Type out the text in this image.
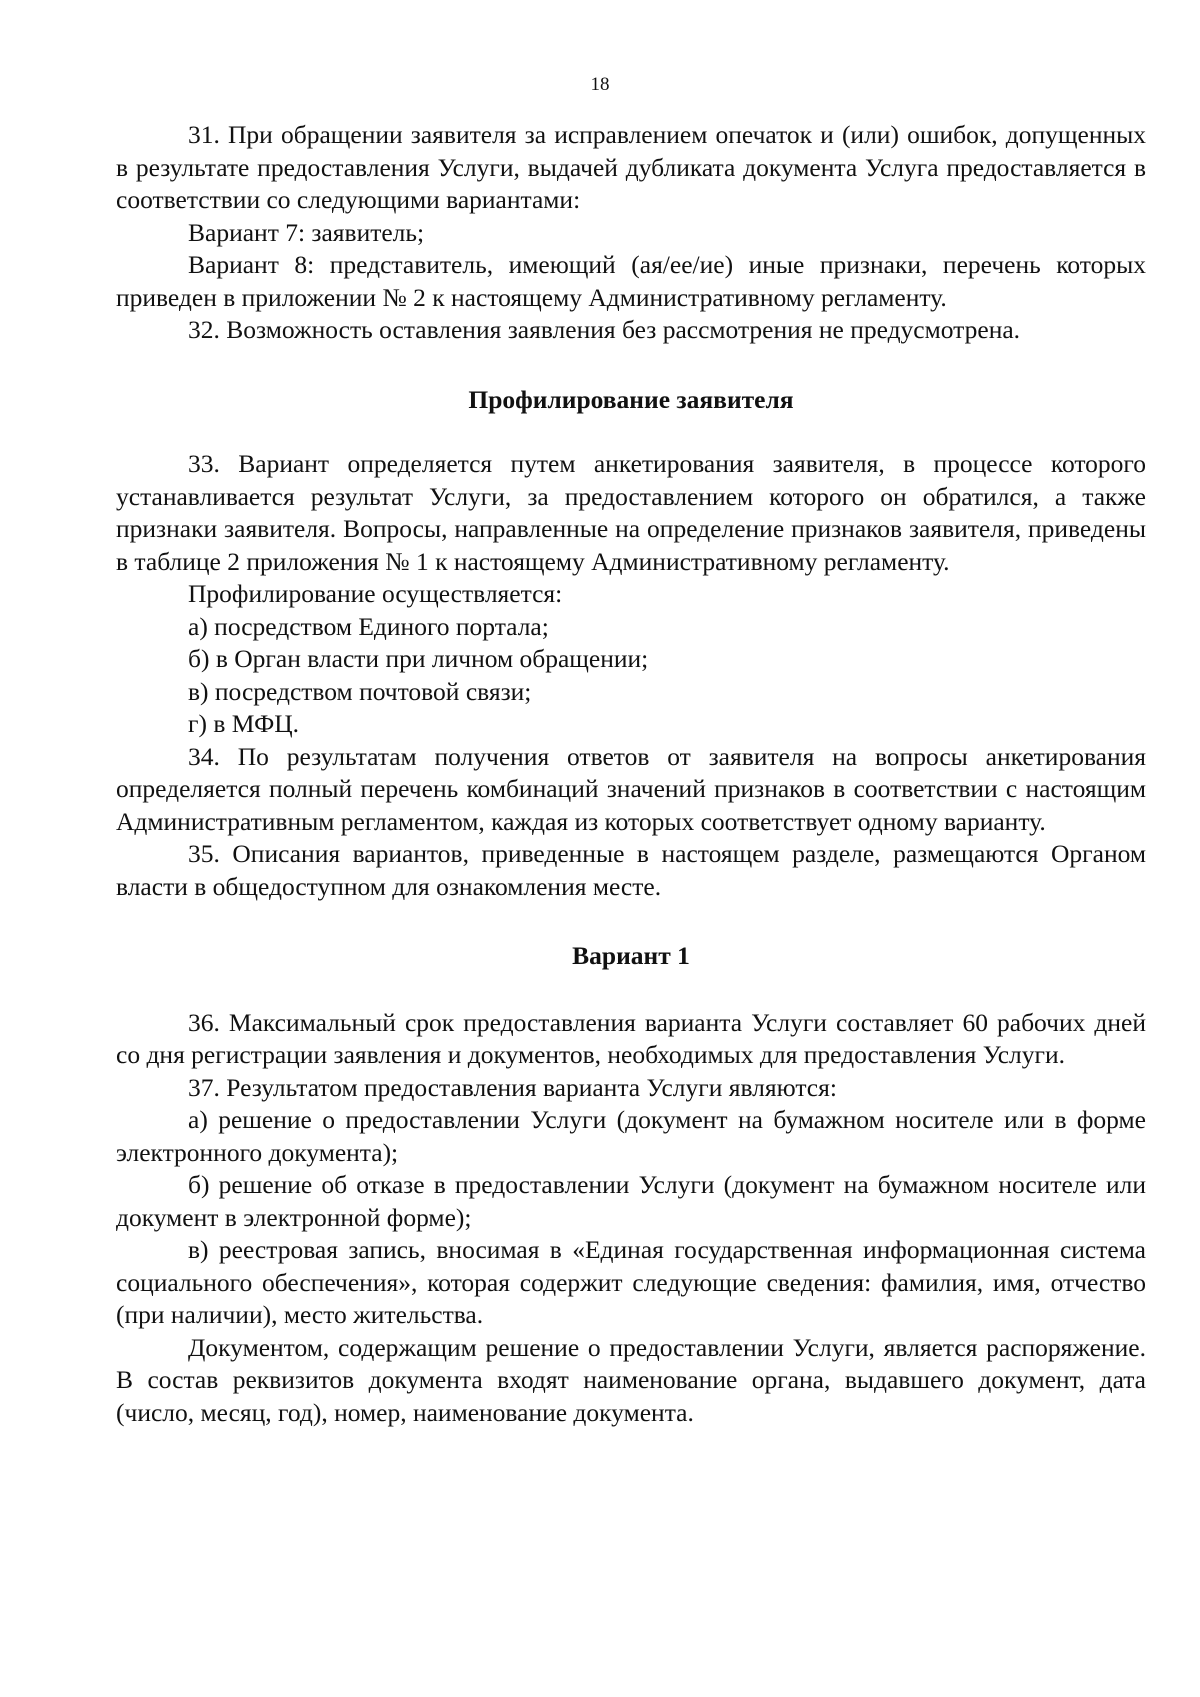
18

31. При обращении заявителя за исправлением опечаток и (или) ошибок, допущенных в результате предоставления Услуги, выдачей дубликата документа Услуга предоставляется в соответствии со следующими вариантами:

Вариант 7: заявитель;

Вариант 8: представитель, имеющий (ая/ее/ие) иные признаки, перечень которых приведен в приложении № 2 к настоящему Административному регламенту.

32. Возможность оставления заявления без рассмотрения не предусмотрена.

Профилирование заявителя

33. Вариант определяется путем анкетирования заявителя, в процессе которого устанавливается результат Услуги, за предоставлением которого он обратился, а также признаки заявителя. Вопросы, направленные на определение признаков заявителя, приведены в таблице 2 приложения № 1 к настоящему Административному регламенту.

Профилирование осуществляется:

а) посредством Единого портала;

б) в Орган власти при личном обращении;

в) посредством почтовой связи;

г) в МФЦ.

34. По результатам получения ответов от заявителя на вопросы анкетирования определяется полный перечень комбинаций значений признаков в соответствии с настоящим Административным регламентом, каждая из которых соответствует одному варианту.

35. Описания вариантов, приведенные в настоящем разделе, размещаются Органом власти в общедоступном для ознакомления месте.

Вариант 1

36. Максимальный срок предоставления варианта Услуги составляет 60 рабочих дней со дня регистрации заявления и документов, необходимых для предоставления Услуги.

37. Результатом предоставления варианта Услуги являются:

а) решение о предоставлении Услуги (документ на бумажном носителе или в форме электронного документа);

б) решение об отказе в предоставлении Услуги (документ на бумажном носителе или документ в электронной форме);

в) реестровая запись, вносимая в «Единая государственная информационная система социального обеспечения», которая содержит следующие сведения: фамилия, имя, отчество (при наличии), место жительства.

Документом, содержащим решение о предоставлении Услуги, является распоряжение. В состав реквизитов документа входят наименование органа, выдавшего документ, дата (число, месяц, год), номер, наименование документа.
